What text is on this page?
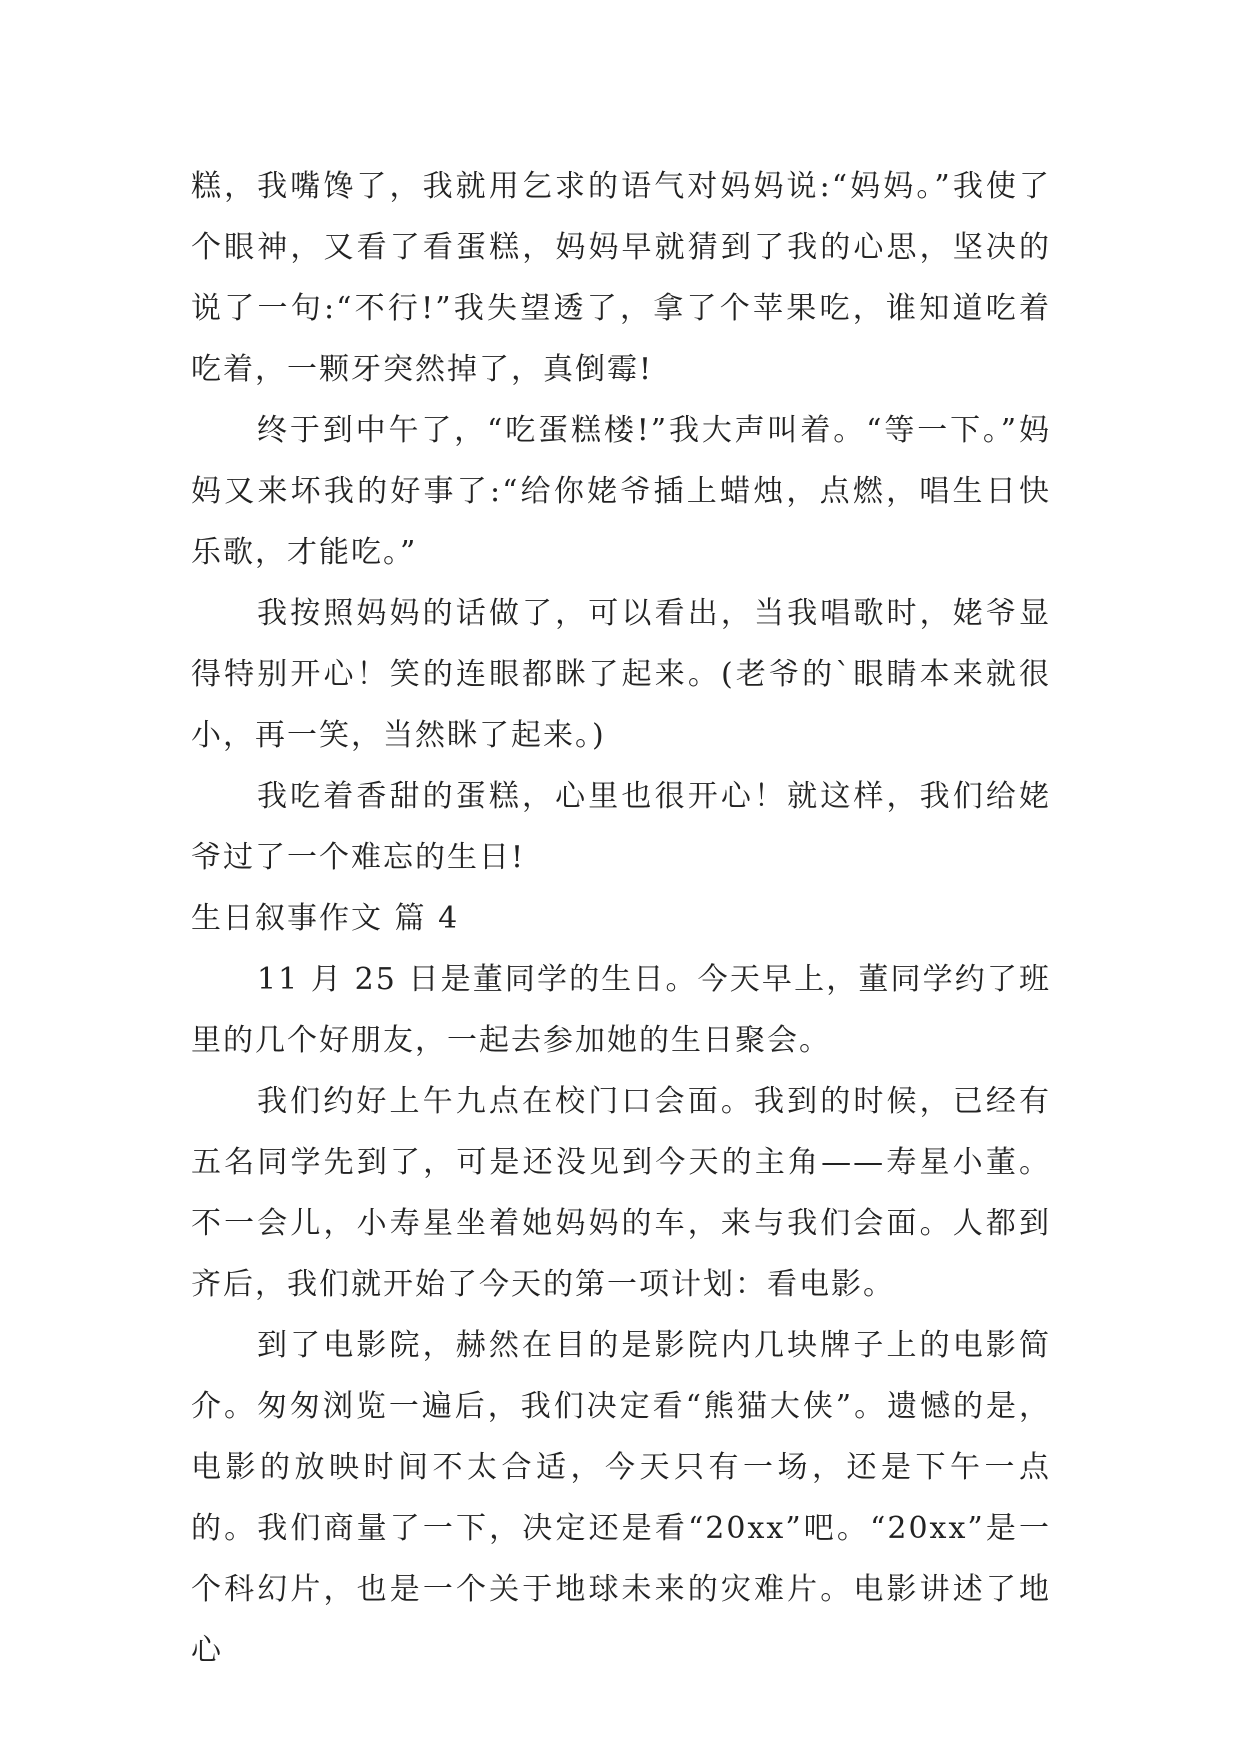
糕，我嘴馋了，我就用乞求的语气对妈妈说:“妈妈。”我使了个眼神，又看了看蛋糕，妈妈早就猜到了我的心思，坚决的说了一句:“不行!”我失望透了，拿了个苹果吃，谁知道吃着吃着，一颗牙突然掉了，真倒霉!

终于到中午了，“吃蛋糕楼!”我大声叫着。“等一下。”妈妈又来坏我的好事了:“给你姥爷插上蜡烛，点燃，唱生日快乐歌，才能吃。”

我按照妈妈的话做了，可以看出，当我唱歌时，姥爷显得特别开心！笑的连眼都眯了起来。(老爷的`眼睛本来就很小，再一笑，当然眯了起来。)

我吃着香甜的蛋糕，心里也很开心！就这样，我们给姥爷过了一个难忘的生日!

生日叙事作文 篇 4

11 月 25 日是董同学的生日。今天早上，董同学约了班里的几个好朋友，一起去参加她的生日聚会。

我们约好上午九点在校门口会面。我到的时候，已经有五名同学先到了，可是还没见到今天的主角——寿星小董。不一会儿，小寿星坐着她妈妈的车，来与我们会面。人都到齐后，我们就开始了今天的第一项计划：看电影。

到了电影院，赫然在目的是影院内几块牌子上的电影简介。匆匆浏览一遍后，我们决定看“熊猫大侠”。遗憾的是，电影的放映时间不太合适，今天只有一场，还是下午一点的。我们商量了一下，决定还是看“20xx”吧。“20xx”是一个科幻片，也是一个关于地球未来的灾难片。电影讲述了地心
